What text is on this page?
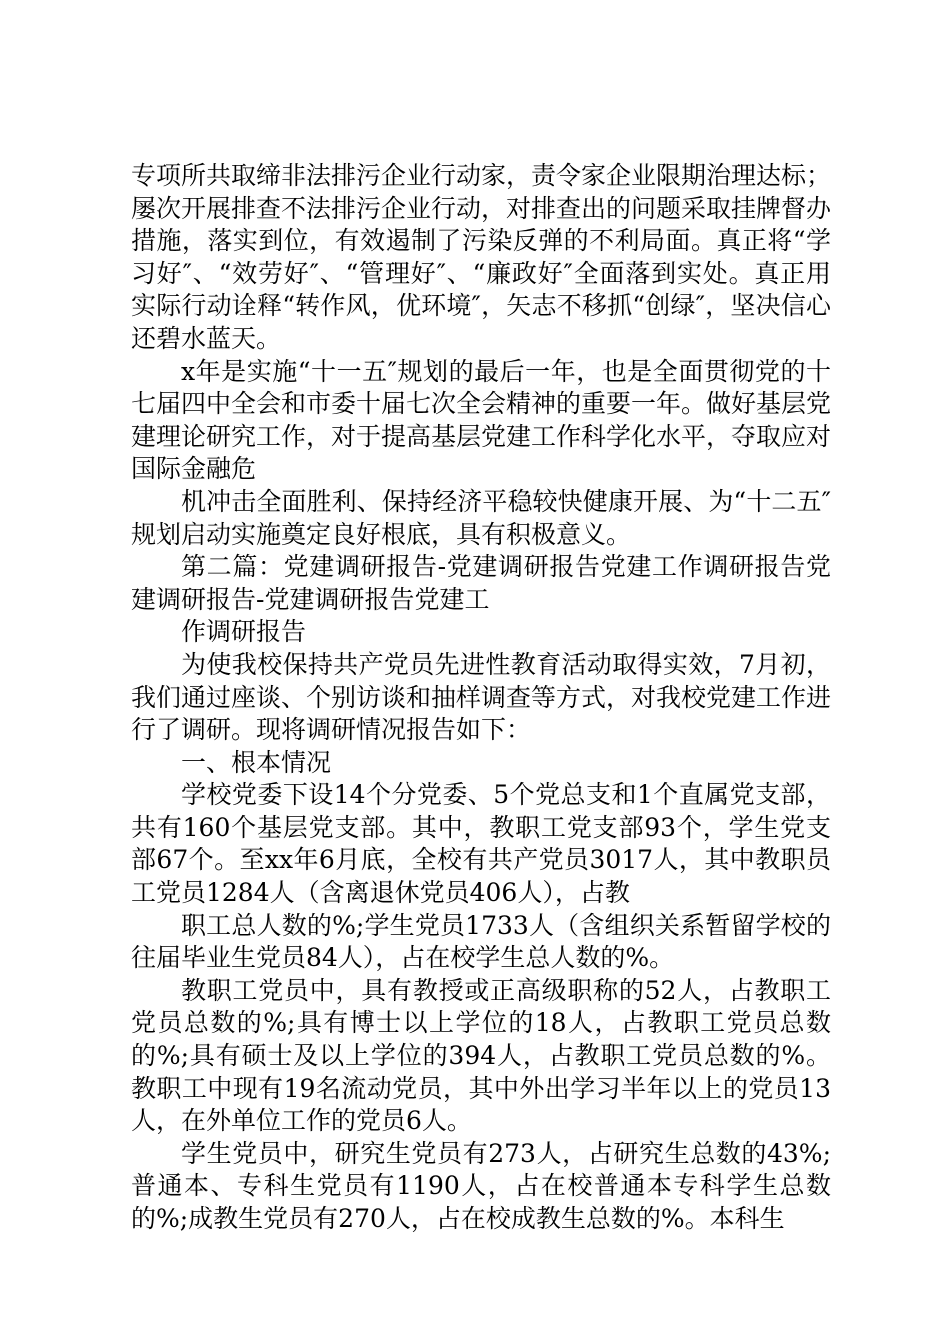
专项所共取缔非法排污企业行动家，责令家企业限期治理达标；屡次开展排查不法排污企业行动，对排查出的问题采取挂牌督办措施，落实到位，有效遏制了污染反弹的不利局面。真正将“学习好″、“效劳好″、“管理好″、“廉政好″全面落到实处。真正用实际行动诠释“转作风，优环境″，矢志不移抓“创绿″，坚决信心还碧水蓝天。

x年是实施“十一五″规划的最后一年，也是全面贯彻党的十七届四中全会和市委十届七次全会精神的重要一年。做好基层党建理论研究工作，对于提高基层党建工作科学化水平，夺取应对国际金融危

机冲击全面胜利、保持经济平稳较快健康开展、为“十二五″规划启动实施奠定良好根底，具有积极意义。

第二篇：党建调研报告-党建调研报告党建工作调研报告党建调研报告-党建调研报告党建工

作调研报告

为使我校保持共产党员先进性教育活动取得实效，7月初，我们通过座谈、个别访谈和抽样调查等方式，对我校党建工作进行了调研。现将调研情况报告如下：

一、根本情况

学校党委下设14个分党委、5个党总支和1个直属党支部，共有160个基层党支部。其中，教职工党支部93个，学生党支部67个。至xx年6月底，全校有共产党员3017人，其中教职员工党员1284人（含离退休党员406人），占教

职工总人数的%;学生党员1733人（含组织关系暂留学校的往届毕业生党员84人），占在校学生总人数的%。

教职工党员中，具有教授或正高级职称的52人，占教职工党员总数的%;具有博士以上学位的18人，占教职工党员总数的%;具有硕士及以上学位的394人，占教职工党员总数的%。教职工中现有19名流动党员，其中外出学习半年以上的党员13人，在外单位工作的党员6人。

学生党员中，研究生党员有273人，占研究生总数的43%;普通本、专科生党员有1190人，占在校普通本专科学生总数的%;成教生党员有270人，占在校成教生总数的%。本科生
